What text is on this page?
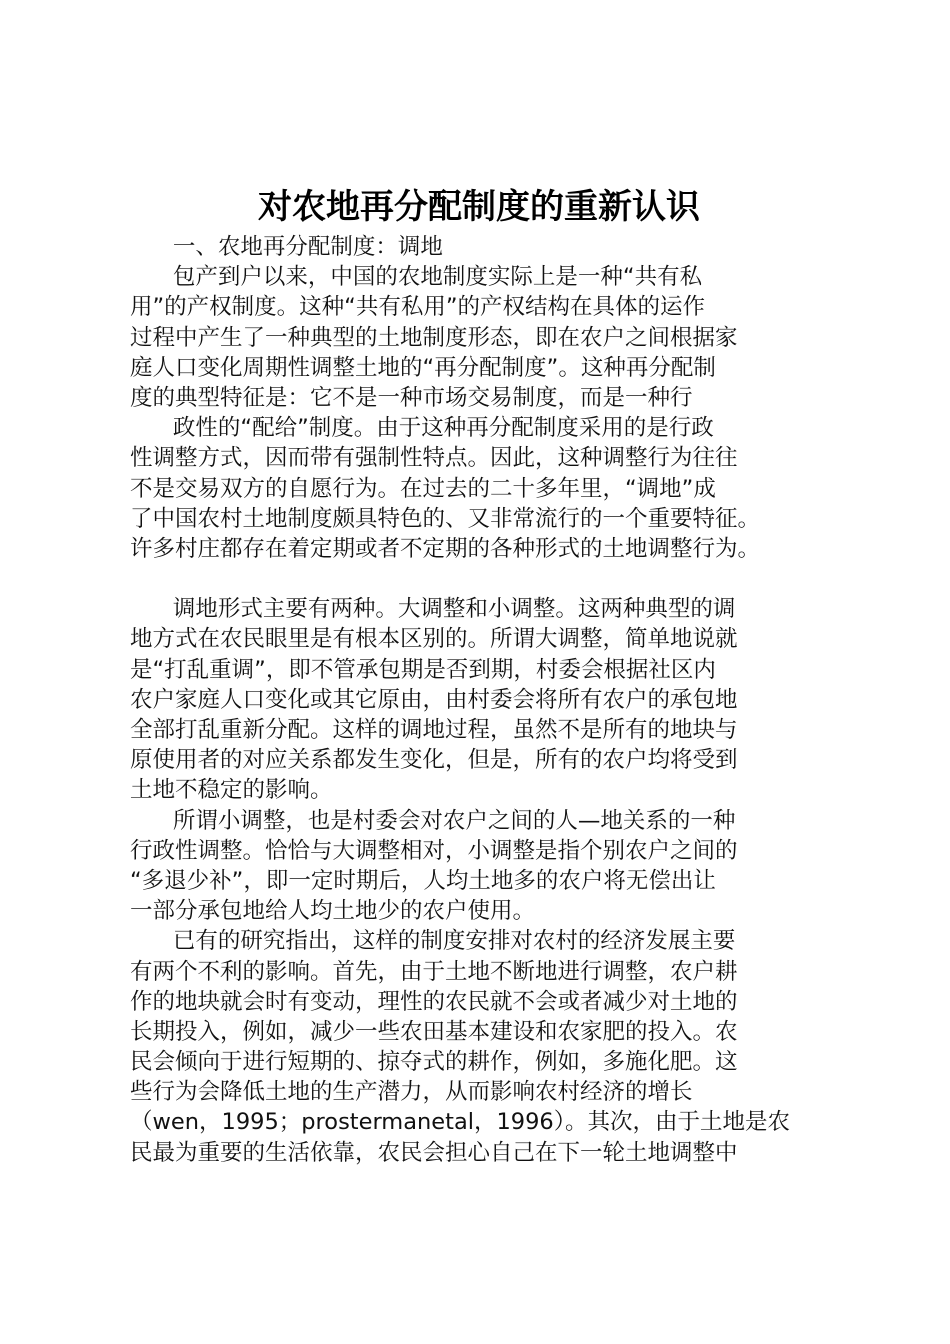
对农地再分配制度的重新认识
一、农地再分配制度：调地
包产到户以来，中国的农地制度实际上是一种“共有私
用”的产权制度。这种“共有私用”的产权结构在具体的运作
过程中产生了一种典型的土地制度形态，即在农户之间根据家
庭人口变化周期性调整土地的“再分配制度”。这种再分配制
度的典型特征是：它不是一种市场交易制度，而是一种行
政性的“配给”制度。由于这种再分配制度采用的是行政
性调整方式，因而带有强制性特点。因此，这种调整行为往往
不是交易双方的自愿行为。在过去的二十多年里，“调地”成
了中国农村土地制度颇具特色的、又非常流行的一个重要特征。
许多村庄都存在着定期或者不定期的各种形式的土地调整行为。
调地形式主要有两种。大调整和小调整。这两种典型的调
地方式在农民眼里是有根本区别的。所谓大调整，简单地说就
是“打乱重调”，即不管承包期是否到期，村委会根据社区内
农户家庭人口变化或其它原由，由村委会将所有农户的承包地
全部打乱重新分配。这样的调地过程，虽然不是所有的地块与
原使用者的对应关系都发生变化，但是，所有的农户均将受到
土地不稳定的影响。
所谓小调整，也是村委会对农户之间的人—地关系的一种
行政性调整。恰恰与大调整相对，小调整是指个别农户之间的
“多退少补”，即一定时期后，人均土地多的农户将无偿出让
一部分承包地给人均土地少的农户使用。
已有的研究指出，这样的制度安排对农村的经济发展主要
有两个不利的影响。首先，由于土地不断地进行调整，农户耕
作的地块就会时有变动，理性的农民就不会或者减少对土地的
长期投入，例如，减少一些农田基本建设和农家肥的投入。农
民会倾向于进行短期的、掠夺式的耕作，例如，多施化肥。这
些行为会降低土地的生产潜力，从而影响农村经济的增长
（wen，1995；prostermanetal，1996）。其次，由于土地是农
民最为重要的生活依靠，农民会担心自己在下一轮土地调整中
